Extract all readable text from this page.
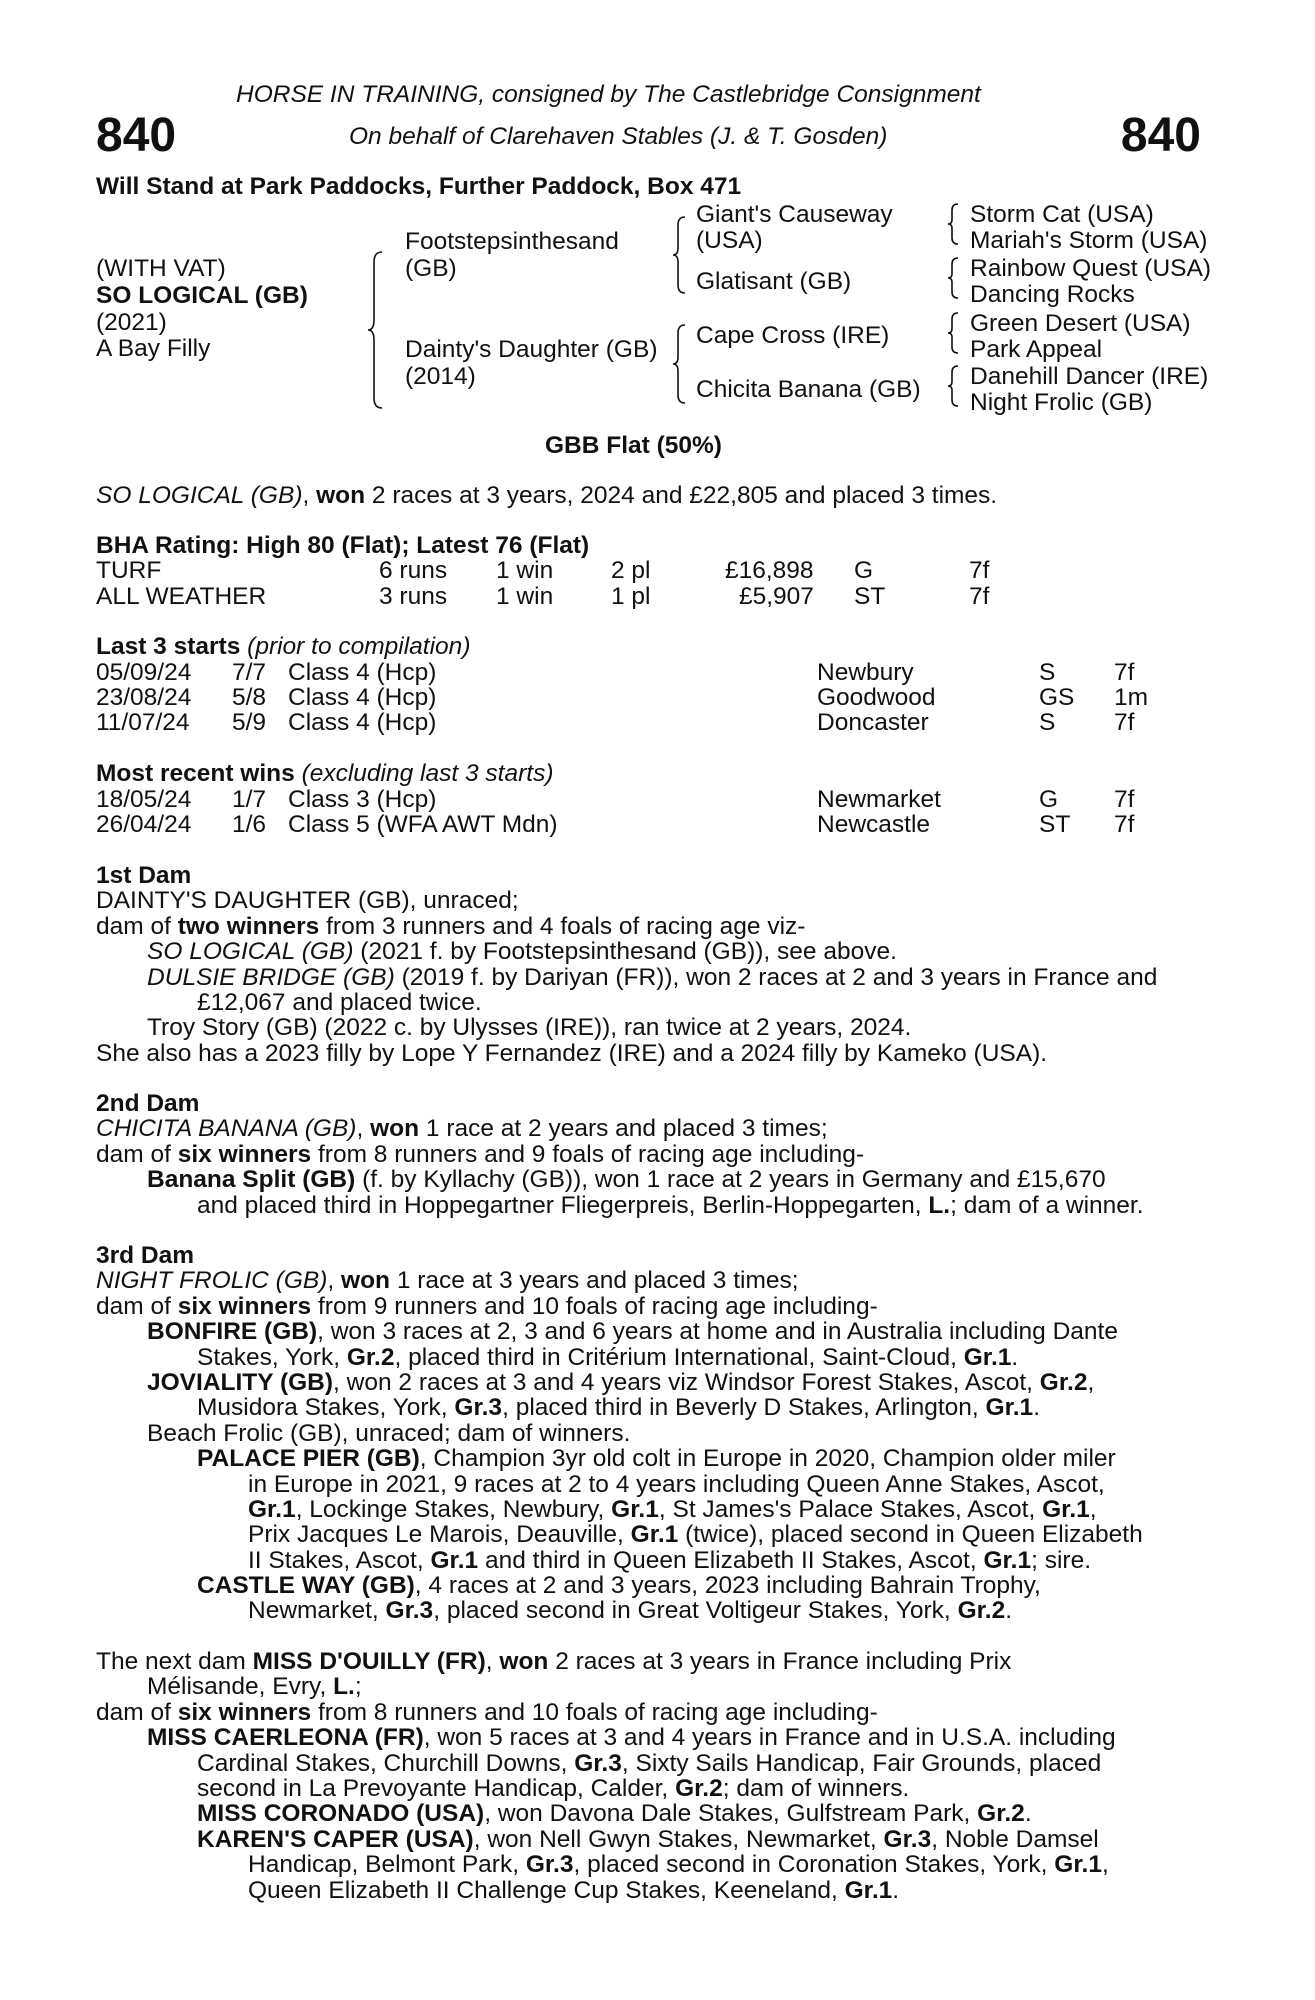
840	840
HORSE IN TRAINING, consigned by The Castlebridge Consignment
On behalf of Clarehaven Stables (J. & T. Gosden)
Will Stand at Park Paddocks, Further Paddock, Box 471
(WITH VAT)
SO LOGICAL (GB)
(2021)
A Bay Filly
Footstepsinthesand
(GB)
Dainty's Daughter (GB)
(2014)
Giant's Causeway
(USA)
Glatisant (GB)
Cape Cross (IRE)
Chicita Banana (GB)
Storm Cat (USA)
Mariah's Storm (USA)
Rainbow Quest (USA)
Dancing Rocks
Green Desert (USA)
Park Appeal
Danehill Dancer (IRE)
Night Frolic (GB)
GBB Flat (50%)
SO LOGICAL (GB), won 2 races at 3 years, 2024 and £22,805 and placed 3 times.
BHA Rating: High 80 (Flat); Latest 76 (Flat)
TURF	6 runs 1 win 2 pl	£16,898 G	7f
ALL WEATHER	3 runs 1 win 1 pl	£5,907 ST	7f
Last 3 starts (prior to compilation)
05/09/24 7/7 Class 4 (Hcp)	Newbury	S 7f
23/08/24 5/8 Class 4 (Hcp)	Goodwood	GS 1m
11/07/24 5/9 Class 4 (Hcp)	Doncaster	S 7f
Most recent wins (excluding last 3 starts)
18/05/24 1/7 Class 3 (Hcp)	Newmarket	G 7f
26/04/24 1/6 Class 5 (WFA AWT Mdn)	Newcastle	ST 7f
1st Dam
DAINTY'S DAUGHTER (GB), unraced;
dam of two winners from 3 runners and 4 foals of racing age viz-
SO LOGICAL (GB) (2021 f. by Footstepsinthesand (GB)), see above.
DULSIE BRIDGE (GB) (2019 f. by Dariyan (FR)), won 2 races at 2 and 3 years in France and
£12,067 and placed twice.
Troy Story (GB) (2022 c. by Ulysses (IRE)), ran twice at 2 years, 2024.
She also has a 2023 filly by Lope Y Fernandez (IRE) and a 2024 filly by Kameko (USA).
2nd Dam
CHICITA BANANA (GB), won 1 race at 2 years and placed 3 times;
dam of six winners from 8 runners and 9 foals of racing age including-
Banana Split (GB) (f. by Kyllachy (GB)), won 1 race at 2 years in Germany and £15,670
and placed third in Hoppegartner Fliegerpreis, Berlin-Hoppegarten, L.; dam of a winner.
3rd Dam
NIGHT FROLIC (GB), won 1 race at 3 years and placed 3 times;
dam of six winners from 9 runners and 10 foals of racing age including-
BONFIRE (GB), won 3 races at 2, 3 and 6 years at home and in Australia including Dante
Stakes, York, Gr.2, placed third in Critérium International, Saint-Cloud, Gr.1.
JOVIALITY (GB), won 2 races at 3 and 4 years viz Windsor Forest Stakes, Ascot, Gr.2,
Musidora Stakes, York, Gr.3, placed third in Beverly D Stakes, Arlington, Gr.1.
Beach Frolic (GB), unraced; dam of winners.
PALACE PIER (GB), Champion 3yr old colt in Europe in 2020, Champion older miler
in Europe in 2021, 9 races at 2 to 4 years including Queen Anne Stakes, Ascot,
Gr.1, Lockinge Stakes, Newbury, Gr.1, St James's Palace Stakes, Ascot, Gr.1,
Prix Jacques Le Marois, Deauville, Gr.1 (twice), placed second in Queen Elizabeth
II Stakes, Ascot, Gr.1 and third in Queen Elizabeth II Stakes, Ascot, Gr.1; sire.
CASTLE WAY (GB), 4 races at 2 and 3 years, 2023 including Bahrain Trophy,
Newmarket, Gr.3, placed second in Great Voltigeur Stakes, York, Gr.2.
The next dam MISS D'OUILLY (FR), won 2 races at 3 years in France including Prix
Mélisande, Evry, L.;
dam of six winners from 8 runners and 10 foals of racing age including-
MISS CAERLEONA (FR), won 5 races at 3 and 4 years in France and in U.S.A. including
Cardinal Stakes, Churchill Downs, Gr.3, Sixty Sails Handicap, Fair Grounds, placed
second in La Prevoyante Handicap, Calder, Gr.2; dam of winners.
MISS CORONADO (USA), won Davona Dale Stakes, Gulfstream Park, Gr.2.
KAREN'S CAPER (USA), won Nell Gwyn Stakes, Newmarket, Gr.3, Noble Damsel
Handicap, Belmont Park, Gr.3, placed second in Coronation Stakes, York, Gr.1,
Queen Elizabeth II Challenge Cup Stakes, Keeneland, Gr.1.
